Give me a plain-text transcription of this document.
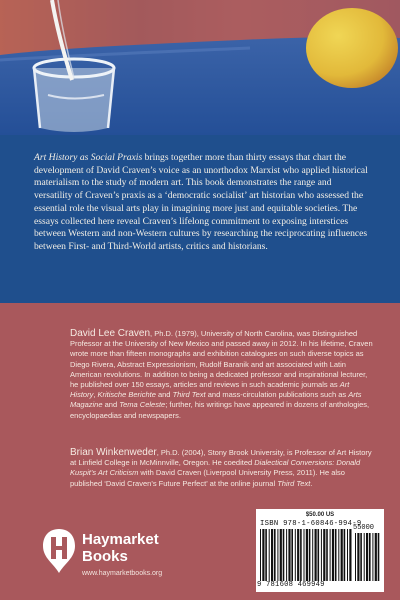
Art History as Social Praxis brings together more than thirty essays that chart the development of David Craven’s voice as an unorthodox Marxist who applied historical materialism to the study of modern art. This book demonstrates the range and versatility of Craven’s praxis as a ‘democratic socialist’ art historian who assessed the essential role the visual arts play in imagining more just and equitable societies. The essays collected here reveal Craven’s lifelong commitment to exposing interstices between Western and non-Western cultures by researching the reciprocating influences between First- and Third-World artists, critics and historians.

David Lee Craven, Ph.D. (1979), University of North Carolina, was Distinguished Professor at the University of New Mexico and passed away in 2012. In his lifetime, Craven wrote more than fifteen monographs and exhibition catalogues on such diverse topics as Diego Rivera, Abstract Expressionism, Rudolf Baranik and art associated with Latin American revolutions. In addition to being a dedicated professor and inspirational lecturer, he published over 150 essays, articles and reviews in such academic journals as Art History, Kritische Berichte and Third Text and mass-circulation publications such as Arts Magazine and Tema Celeste; further, his writings have appeared in dozens of anthologies, encyclopaedias and newspapers.

Brian Winkenweder, Ph.D. (2004), Stony Brook University, is Professor of Art History at Linfield College in McMinnville, Oregon. He coedited Dialectical Conversions: Donald Kuspit’s Art Criticism with David Craven (Liverpool University Press, 2011). He also published ‘David Craven’s Future Perfect’ at the online journal Third Text.

Haymarket
Books
www.haymarketbooks.org
$50.00 US
ISBN 978-1-60846-994-9
55000
9 781608 469949
